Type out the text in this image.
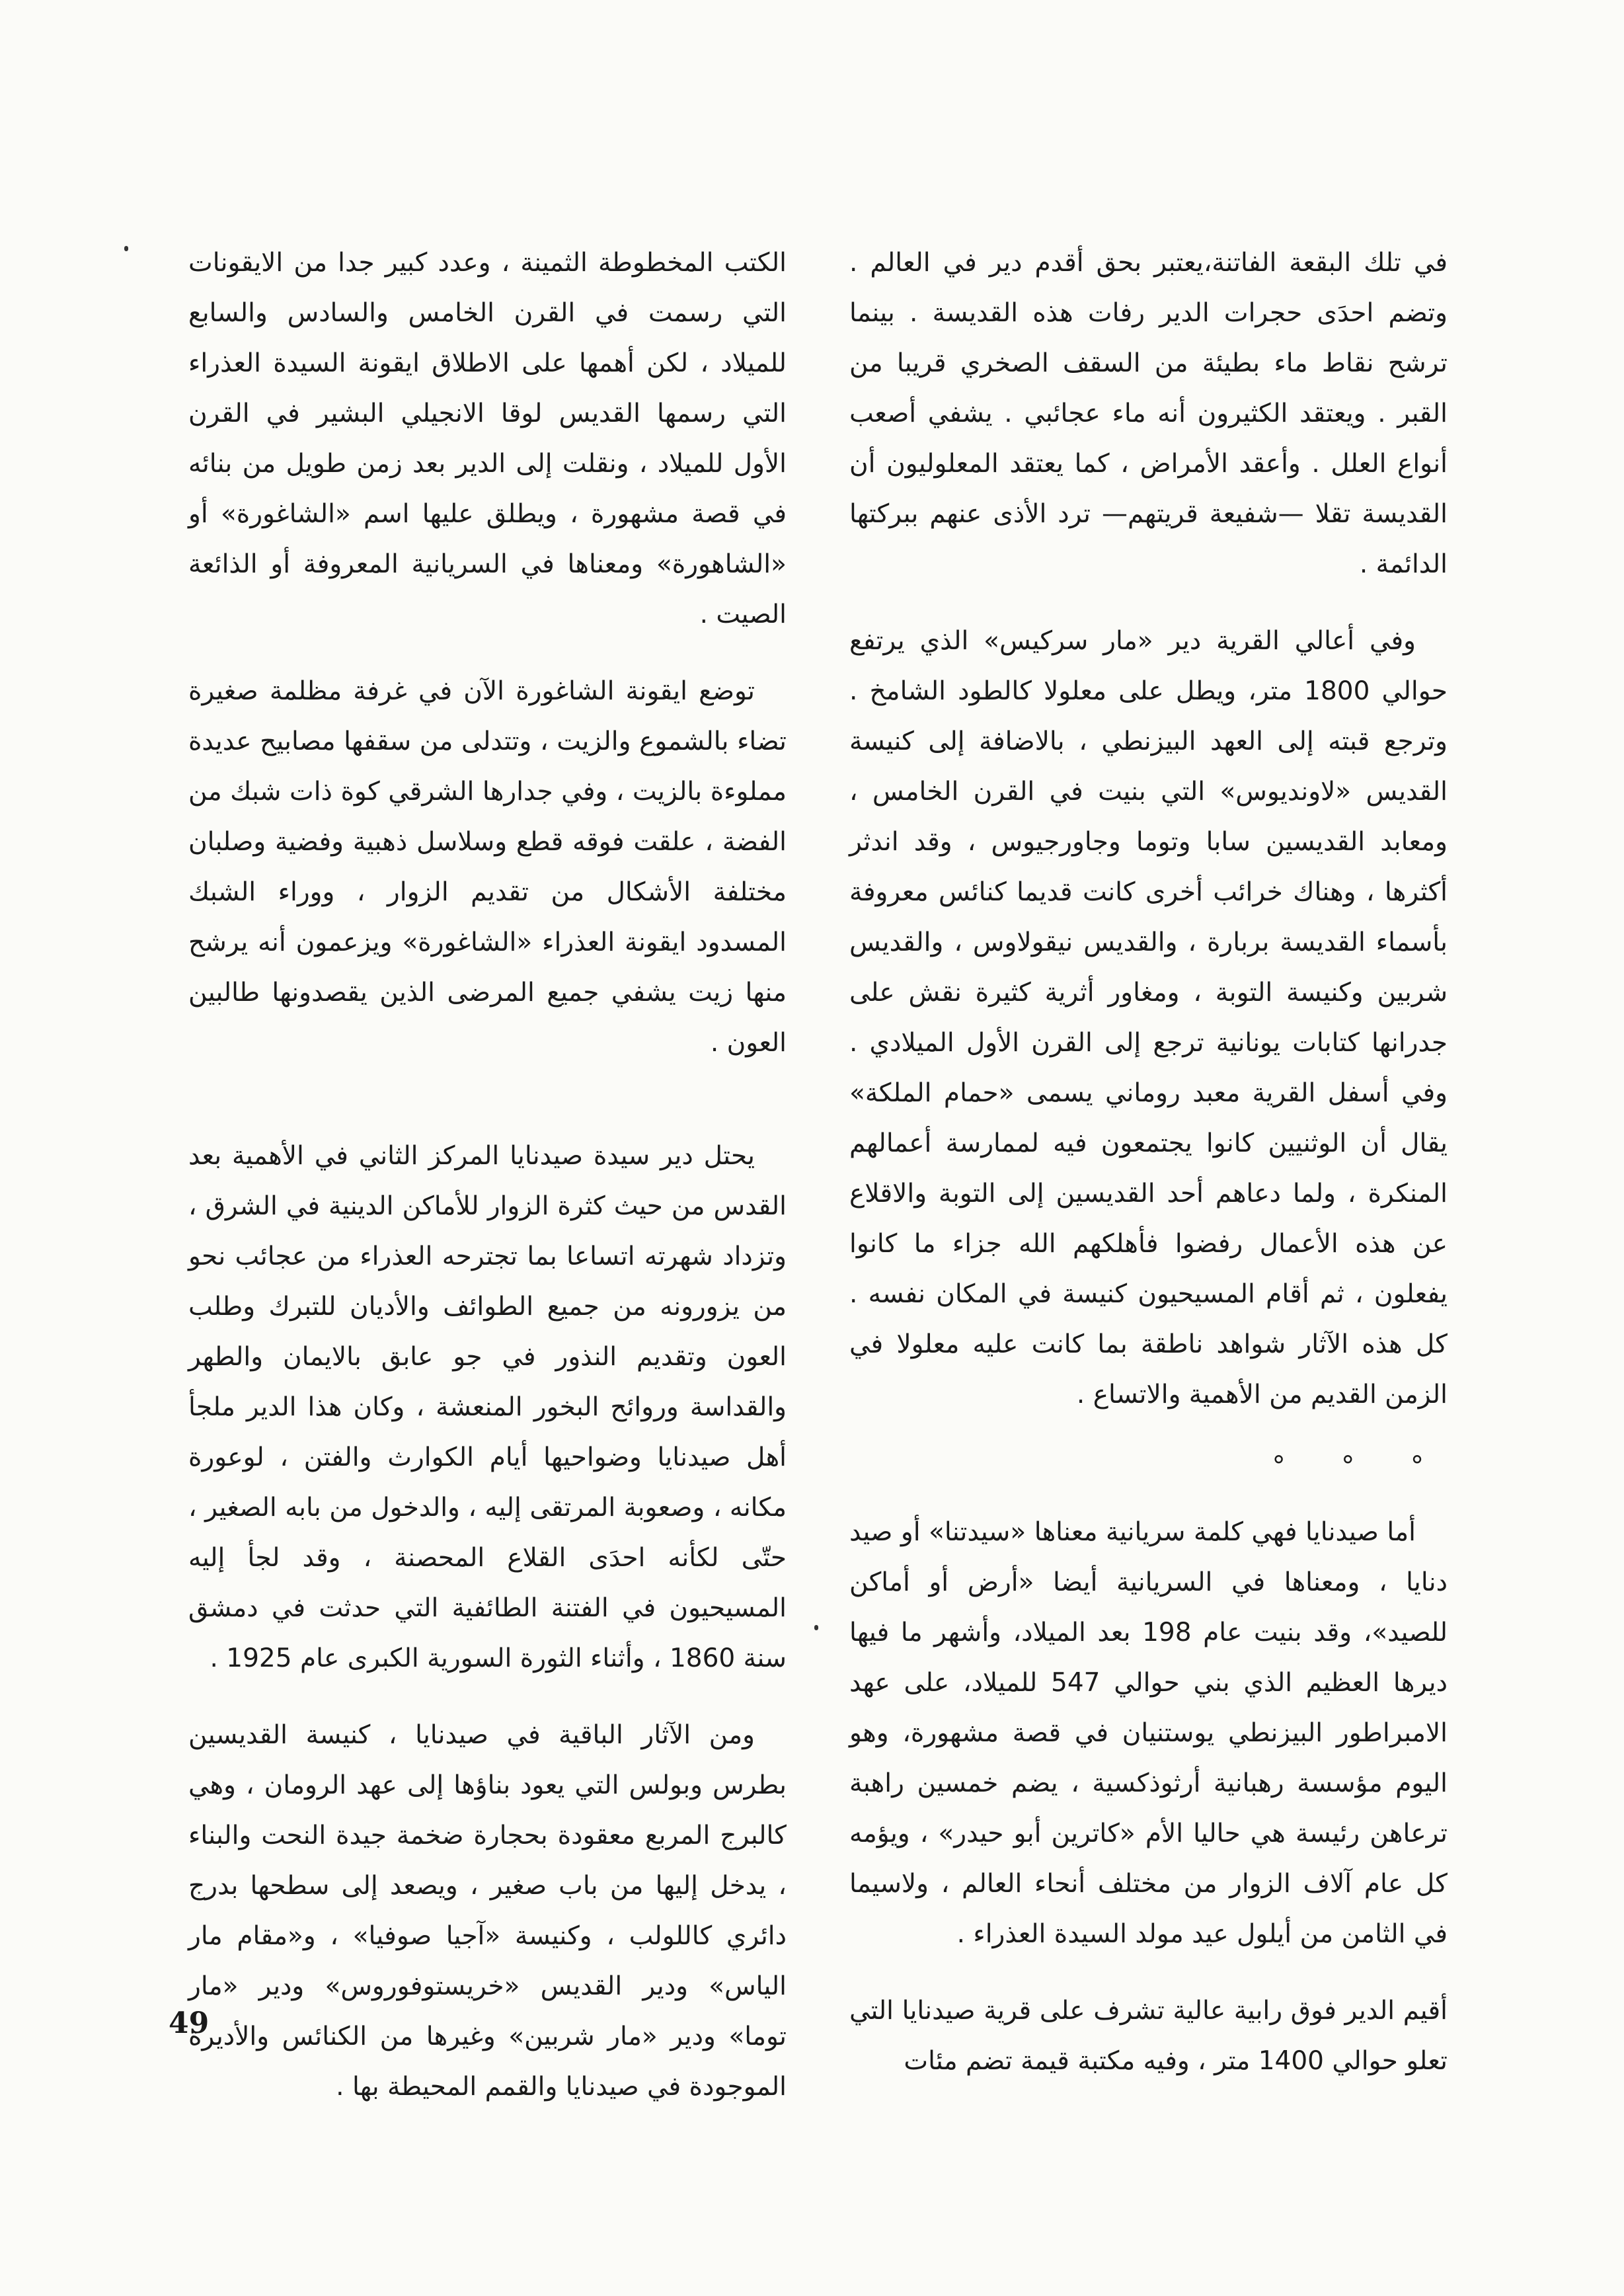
في تلك البقعة الفاتنة،يعتبر بحق أقدم دير في العالم . وتضم احدَى حجرات الدير رفات هذه القديسة . بينما ترشح نقاط ماء بطيئة من السقف الصخري قريبا من القبر . ويعتقد الكثيرون أنه ماء عجائبي . يشفي أصعب أنواع العلل . وأعقد الأمراض ، كما يعتقد المعلوليون أن القديسة تقلا —شفيعة قريتهم— ترد الأذى عنهم ببركتها الدائمة .

وفي أعالي القرية دير «مار سركيس» الذي يرتفع حوالي 1800 متر، ويطل على معلولا كالطود الشامخ . وترجع قبته إلى العهد البيزنطي ، بالاضافة إلى كنيسة القديس «لاونديوس» التي بنيت في القرن الخامس ، ومعابد القديسين سابا وتوما وجاورجيوس ، وقد اندثر أكثرها ، وهناك خرائب أخرى كانت قديما كنائس معروفة بأسماء القديسة بربارة ، والقديس نيقولاوس ، والقديس شربين وكنيسة التوبة ، ومغاور أثرية كثيرة نقش على جدرانها كتابات يونانية ترجع إلى القرن الأول الميلادي . وفي أسفل القرية معبد روماني يسمى «حمام الملكة» يقال أن الوثنيين كانوا يجتمعون فيه لممارسة أعمالهم المنكرة ، ولما دعاهم أحد القديسين إلى التوبة والاقلاع عن هذه الأعمال رفضوا فأهلكهم الله جزاء ما كانوا يفعلون ، ثم أقام المسيحيون كنيسة في المكان نفسه . كل هذه الآثار شواهد ناطقة بما كانت عليه معلولا في الزمن القديم من الأهمية والاتساع .

° ° °

أما صيدنايا فهي كلمة سريانية معناها «سيدتنا» أو صيد دنايا ، ومعناها في السريانية أيضا «أرض أو أماكن للصيد»، وقد بنيت عام 198 بعد الميلاد، وأشهر ما فيها ديرها العظيم الذي بني حوالي 547 للميلاد، على عهد الامبراطور البيزنطي يوستنيان في قصة مشهورة، وهو اليوم مؤسسة رهبانية أرثوذكسية ، يضم خمسين راهبة ترعاهن رئيسة هي حاليا الأم «كاترين أبو حيدر» ، ويؤمه كل عام آلاف الزوار من مختلف أنحاء العالم ، ولاسيما في الثامن من أيلول عيد مولد السيدة العذراء .

أقيم الدير فوق رابية عالية تشرف على قرية صيدنايا التي تعلو حوالي 1400 متر ، وفيه مكتبة قيمة تضم مئات

الكتب المخطوطة الثمينة ، وعدد كبير جدا من الايقونات التي رسمت في القرن الخامس والسادس والسابع للميلاد ، لكن أهمها على الاطلاق ايقونة السيدة العذراء التي رسمها القديس لوقا الانجيلي البشير في القرن الأول للميلاد ، ونقلت إلى الدير بعد زمن طويل من بنائه في قصة مشهورة ، ويطلق عليها اسم «الشاغورة» أو «الشاهورة» ومعناها في السريانية المعروفة أو الذائعة الصيت .

توضع ايقونة الشاغورة الآن في غرفة مظلمة صغيرة تضاء بالشموع والزيت ، وتتدلى من سقفها مصابيح عديدة مملوءة بالزيت ، وفي جدارها الشرقي كوة ذات شبك من الفضة ، علقت فوقه قطع وسلاسل ذهبية وفضية وصلبان مختلفة الأشكال من تقديم الزوار ، ووراء الشبك المسدود ايقونة العذراء «الشاغورة» ويزعمون أنه يرشح منها زيت يشفي جميع المرضى الذين يقصدونها طالبين العون .

يحتل دير سيدة صيدنايا المركز الثاني في الأهمية بعد القدس من حيث كثرة الزوار للأماكن الدينية في الشرق ، وتزداد شهرته اتساعا بما تجترحه العذراء من عجائب نحو من يزورونه من جميع الطوائف والأديان للتبرك وطلب العون وتقديم النذور في جو عابق بالايمان والطهر والقداسة وروائح البخور المنعشة ، وكان هذا الدير ملجأ أهل صيدنايا وضواحيها أيام الكوارث والفتن ، لوعورة مكانه ، وصعوبة المرتقى إليه ، والدخول من بابه الصغير ، حتّى لكأنه احدَى القلاع المحصنة ، وقد لجأ إليه المسيحيون في الفتنة الطائفية التي حدثت في دمشق سنة 1860 ، وأثناء الثورة السورية الكبرى عام 1925 .

ومن الآثار الباقية في صيدنايا ، كنيسة القديسين بطرس وبولس التي يعود بناؤها إلى عهد الرومان ، وهي كالبرج المربع معقودة بحجارة ضخمة جيدة النحت والبناء ، يدخل إليها من باب صغير ، ويصعد إلى سطحها بدرج دائري كاللولب ، وكنيسة «آجيا صوفيا» ، و«مقام مار الياس» ودير القديس «خريستوفوروس» ودير «مار توما» ودير «مار شربين» وغيرها من الكنائس والأديرة الموجودة في صيدنايا والقمم المحيطة بها .

49
